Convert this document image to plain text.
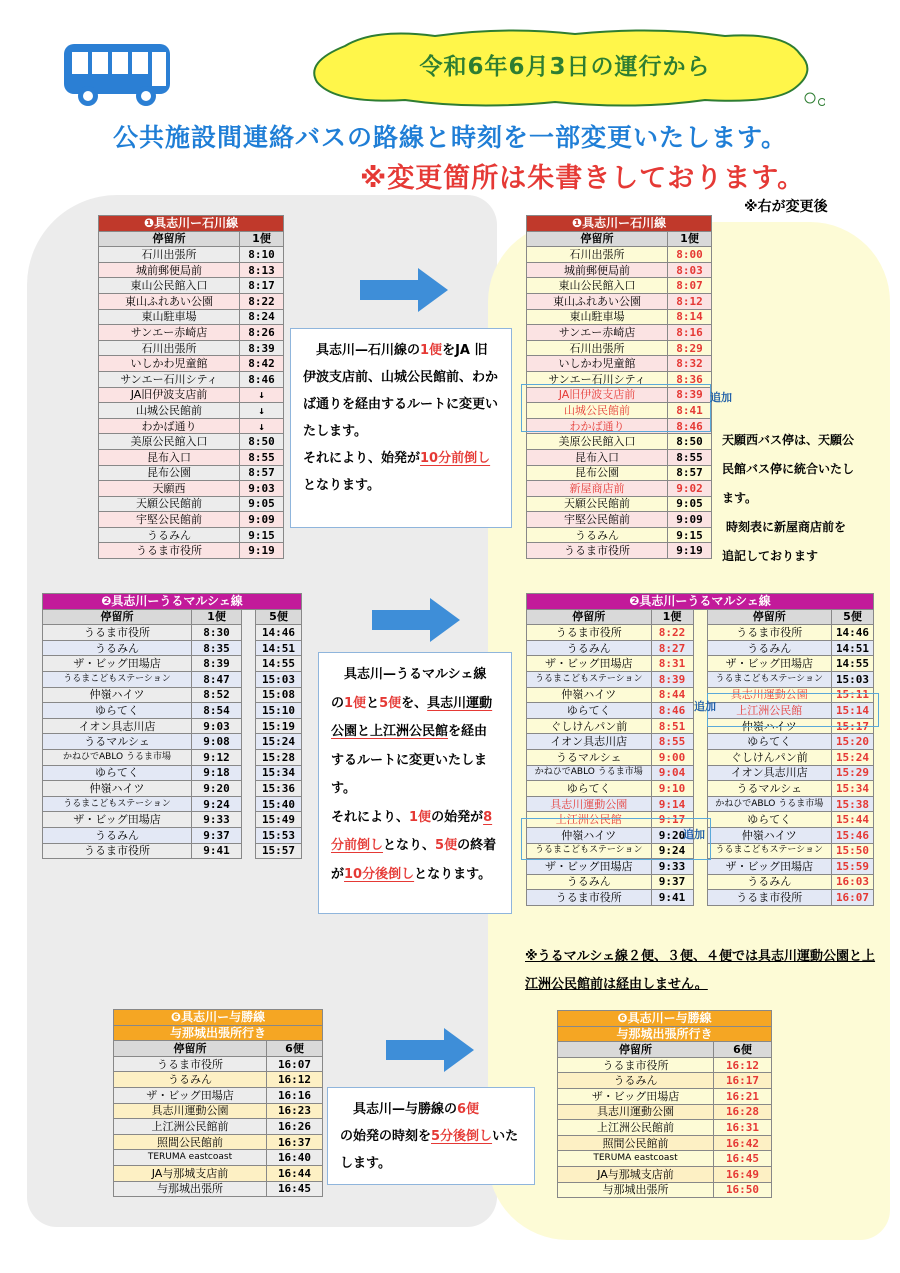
令和6年6月3日の運行から
公共施設間連絡バスの路線と時刻を一部変更いたします。
※変更箇所は朱書きしております。
※右が変更後
❶具志川ー石川線	
停留所	1便
石川出張所	8:10
城前郵便局前	8:13
東山公民館入口	8:17
東山ふれあい公園	8:22
東山駐車場	8:24
サンエー赤崎店	8:26
石川出張所	8:39
いしかわ児童館	8:42
サンエー石川シティ	8:46
JA旧伊波支店前	↓
山城公民館前	↓
わかば通り	↓
美原公民館入口	8:50
昆布入口	8:55
昆布公園	8:57
天願西	9:03
天願公民館前	9:05
宇堅公民館前	9:09
うるみん	9:15
うるま市役所	9:19
具志川—石川線の1便をJA 旧伊波支店前、山城公民館前、わかば通りを経由するルートに変更いたします。
それにより、始発が10分前倒しとなります。
❶具志川ー石川線	
停留所	1便
石川出張所	8:00
城前郵便局前	8:03
東山公民館入口	8:07
東山ふれあい公園	8:12
東山駐車場	8:14
サンエー赤崎店	8:16
石川出張所	8:29
いしかわ児童館	8:32
サンエー石川シティ	8:36
JA旧伊波支店前	8:39
山城公民館前	8:41
わかば通り	8:46
美原公民館入口	8:50
昆布入口	8:55
昆布公園	8:57
新屋商店前	9:02
天願公民館前	9:05
宇堅公民館前	9:09
うるみん	9:15
うるま市役所	9:19
追加
天願西バス停は、天願公
民館バス停に統合いたし
ます。
時刻表に新屋商店前を
追記しております
❷具志川ーうるマルシェ線			
停留所	1便		5便
うるま市役所	8:30		14:46
うるみん	8:35		14:51
ザ・ビッグ田場店	8:39		14:55
うるまこどもステーション	8:47		15:03
仲嶺ハイツ	8:52		15:08
ゆらてく	8:54		15:10
イオン具志川店	9:03		15:19
うるマルシェ	9:08		15:24
かねひでABLO うるま市場	9:12		15:28
ゆらてく	9:18		15:34
仲嶺ハイツ	9:20		15:36
うるまこどもステーション	9:24		15:40
ザ・ビッグ田場店	9:33		15:49
うるみん	9:37		15:53
うるま市役所	9:41		15:57
具志川—うるマルシェ線の1便と5便を、具志川運動公園と上江洲公民館を経由するルートに変更いたします。
それにより、1便の始発が8分前倒しとなり、5便の終着が10分後倒しとなります。
❷具志川ーうるマルシェ線				
停留所	1便		停留所	5便
うるま市役所	8:22		うるま市役所	14:46
うるみん	8:27		うるみん	14:51
ザ・ビッグ田場店	8:31		ザ・ビッグ田場店	14:55
うるまこどもステーション	8:39		うるまこどもステーション	15:03
仲嶺ハイツ	8:44		具志川運動公園	15:11
ゆらてく	8:46		上江洲公民館	15:14
ぐしけんパン前	8:51		仲嶺ハイツ	15:17
イオン具志川店	8:55		ゆらてく	15:20
うるマルシェ	9:00		ぐしけんパン前	15:24
かねひでABLO うるま市場	9:04		イオン具志川店	15:29
ゆらてく	9:10		うるマルシェ	15:34
具志川運動公園	9:14		かねひでABLO うるま市場	15:38
上江洲公民館	9:17		ゆらてく	15:44
仲嶺ハイツ	9:20		仲嶺ハイツ	15:46
うるまこどもステーション	9:24		うるまこどもステーション	15:50
ザ・ビッグ田場店	9:33		ザ・ビッグ田場店	15:59
うるみん	9:37		うるみん	16:03
うるま市役所	9:41		うるま市役所	16:07
追加
追加
※うるマルシェ線２便、３便、４便では具志川運動公園と上江洲公民館前は経由しません。
❻具志川ー与勝線	
与那城出張所行き	
停留所	6便
うるま市役所	16:07
うるみん	16:12
ザ・ビッグ田場店	16:16
具志川運動公園	16:23
上江洲公民館前	16:26
照間公民館前	16:37
TERUMA eastcoast	16:40
JA与那城支店前	16:44
与那城出張所	16:45
具志川—与勝線の6便
の始発の時刻を5分後倒しいたします。
❻具志川ー与勝線	
与那城出張所行き	
停留所	6便
うるま市役所	16:12
うるみん	16:17
ザ・ビッグ田場店	16:21
具志川運動公園	16:28
上江洲公民館前	16:31
照間公民館前	16:42
TERUMA eastcoast	16:45
JA与那城支店前	16:49
与那城出張所	16:50
